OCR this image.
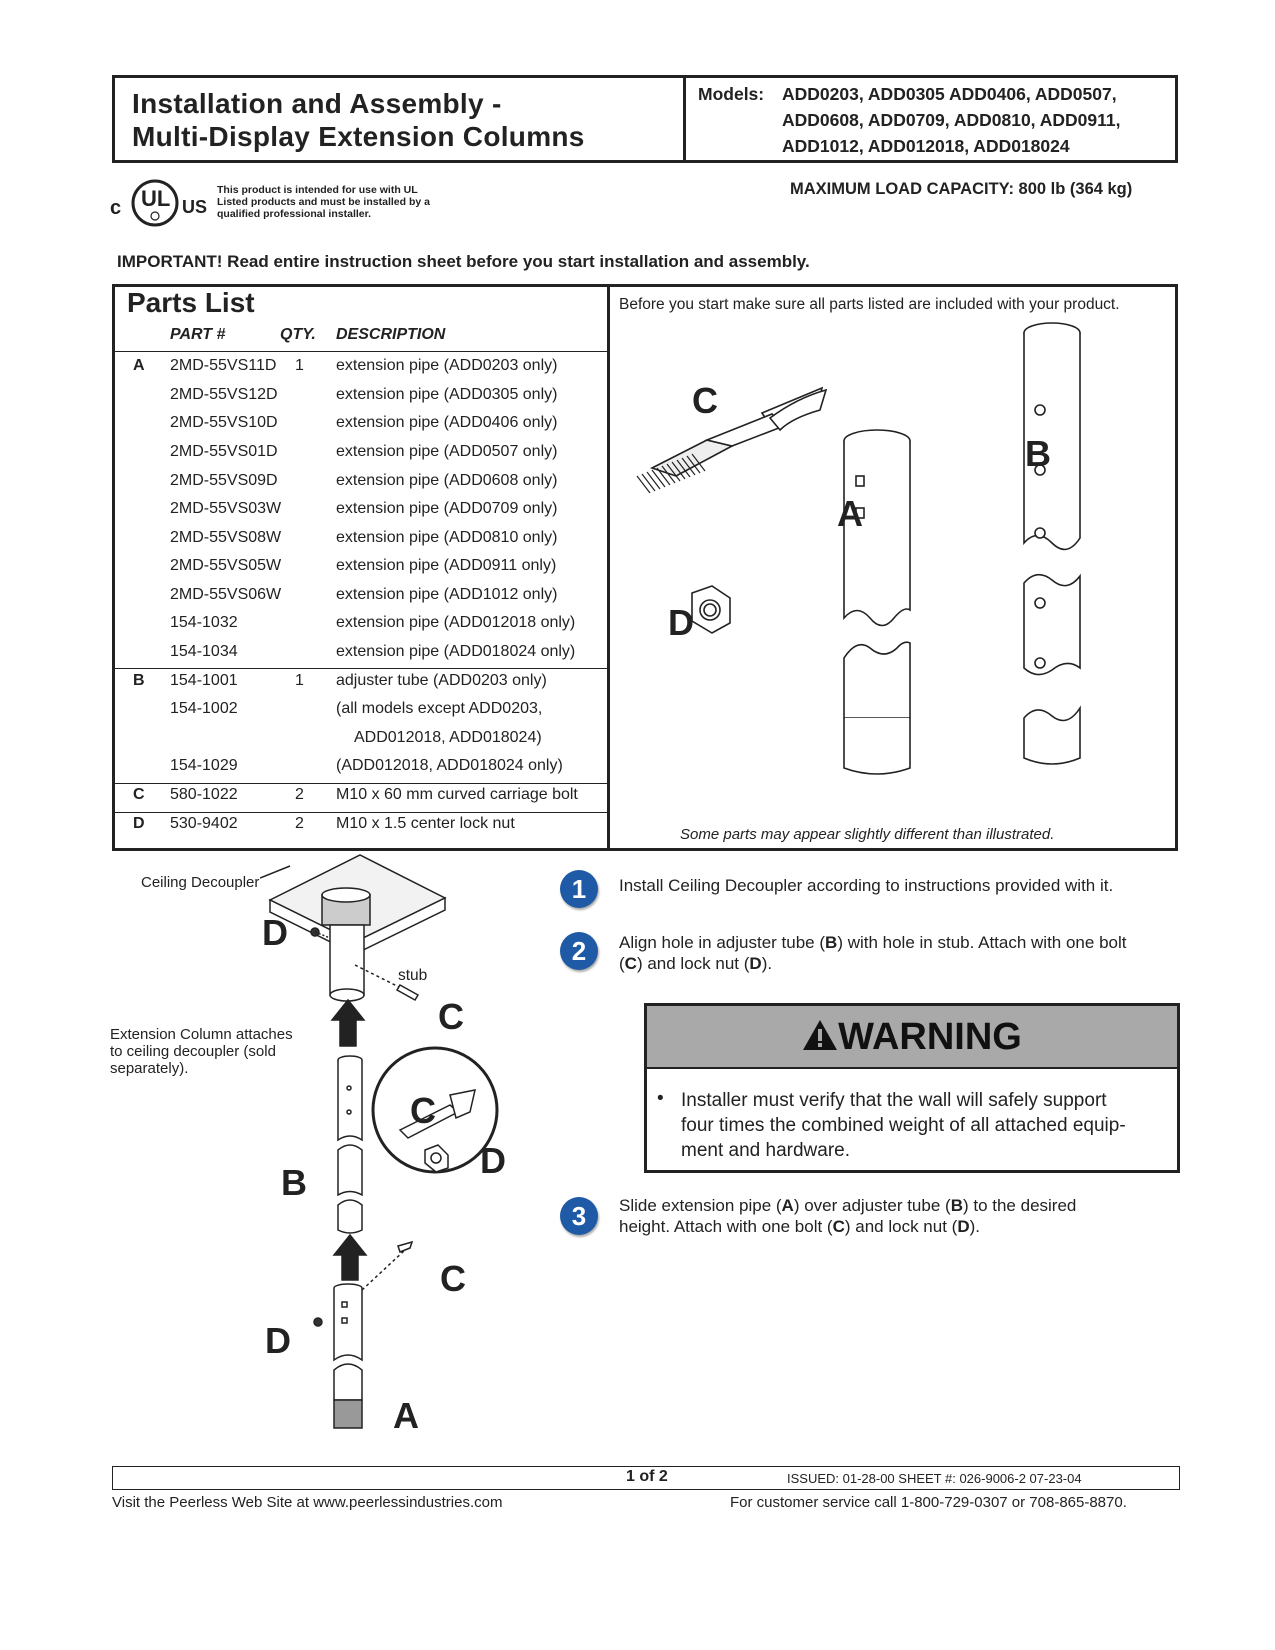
Installation and Assembly -
Multi-Display Extension Columns
Models: ADD0203, ADD0305 ADD0406, ADD0507,
ADD0608, ADD0709, ADD0810, ADD0911,
ADD1012, ADD012018, ADD018024
c UL US
This product is intended for use with UL
Listed products and must be installed by a
qualified professional installer.
MAXIMUM LOAD CAPACITY: 800 lb (364 kg)
IMPORTANT! Read entire instruction sheet before you start installation and assembly.
Parts List
PART #	QTY. DESCRIPTION
A 2MD-55VS11D 1 extension pipe (ADD0203 only)
2MD-55VS12D	extension pipe (ADD0305 only)
2MD-55VS10D	extension pipe (ADD0406 only)
2MD-55VS01D	extension pipe (ADD0507 only)
2MD-55VS09D	extension pipe (ADD0608 only)
2MD-55VS03W	extension pipe (ADD0709 only)
2MD-55VS08W	extension pipe (ADD0810 only)
2MD-55VS05W	extension pipe (ADD0911 only)
2MD-55VS06W	extension pipe (ADD1012 only)
154-1032	extension pipe (ADD012018 only)
154-1034	extension pipe (ADD018024 only)
B 154-1001	1 adjuster tube (ADD0203 only)
154-1002	(all models except ADD0203,
ADD012018, ADD018024)
154-1029	(ADD012018, ADD018024 only)
C 580-1022	2 M10 x 60 mm curved carriage bolt
D 530-9402	2 M10 x 1.5 center lock nut
Before you start make sure all parts listed are included with your product.
Some parts may appear slightly different than illustrated.
C
D
A
B
Ceiling Decoupler
stub
Extension Column attaches
to ceiling decoupler (sold
separately).
D
C
C
D
B
C
D
A
1	Install Ceiling Decoupler according to instructions provided with it.
2	Align hole in adjuster tube (B) with hole in stub. Attach with one bolt
(C) and lock nut (D).
WARNING
• Installer must verify that the wall will safely support
four times the combined weight of all attached equip-
ment and hardware.
3	Slide extension pipe (A) over adjuster tube (B) to the desired
height. Attach with one bolt (C) and lock nut (D).
1 of 2	ISSUED: 01-28-00 SHEET #: 026-9006-2 07-23-04
Visit the Peerless Web Site at www.peerlessindustries.com	For customer service call 1-800-729-0307 or 708-865-8870.
